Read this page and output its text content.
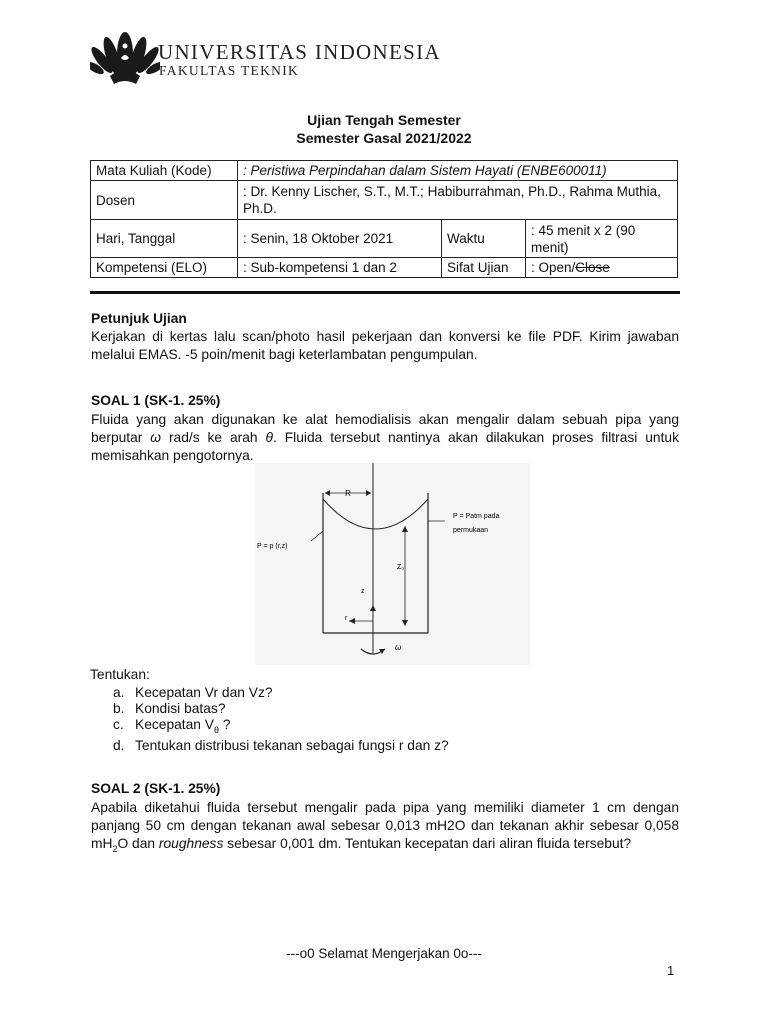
UNIVERSITAS INDONESIA
FAKULTAS TEKNIK
Ujian Tengah Semester
Semester Gasal 2021/2022
Mata Kuliah (Kode)	: Peristiwa Perpindahan dalam Sistem Hayati (ENBE600011)		
Dosen	: Dr. Kenny Lischer, S.T., M.T.; Habiburrahman, Ph.D., Rahma Muthia, Ph.D.		
Hari, Tanggal	: Senin, 18 Oktober 2021	Waktu	: 45 menit x 2 (90 menit)
Kompetensi (ELO)	: Sub-kompetensi 1 dan 2	Sifat Ujian	: Open/Close
Petunjuk Ujian
Kerjakan di kertas lalu scan/photo hasil pekerjaan dan konversi ke file PDF. Kirim jawaban melalui EMAS. -5 poin/menit bagi keterlambatan pengumpulan.
SOAL 1 (SK-1. 25%)
Fluida yang akan digunakan ke alat hemodialisis akan mengalir dalam sebuah pipa yang berputar ω rad/s ke arah θ. Fluida tersebut nantinya akan dilakukan proses filtrasi untuk memisahkan pengotornya.
R
P = Patm pada
permukaan
P = p (r,z)
Z₀
z
r
ω
Tentukan:
a. Kecepatan Vr dan Vz?
b. Kondisi batas?
c. Kecepatan $V_\theta$ ?
d. Tentukan distribusi tekanan sebagai fungsi r dan z?
SOAL 2 (SK-1. 25%)
Apabila diketahui fluida tersebut mengalir pada pipa yang memiliki diameter 1 cm dengan panjang 50 cm dengan tekanan awal sebesar 0,013 mH2O dan tekanan akhir sebesar 0,058 $mH_2O$ dan roughness sebesar 0,001 dm. Tentukan kecepatan dari aliran fluida tersebut?
---o0 Selamat Mengerjakan 0o---
1
